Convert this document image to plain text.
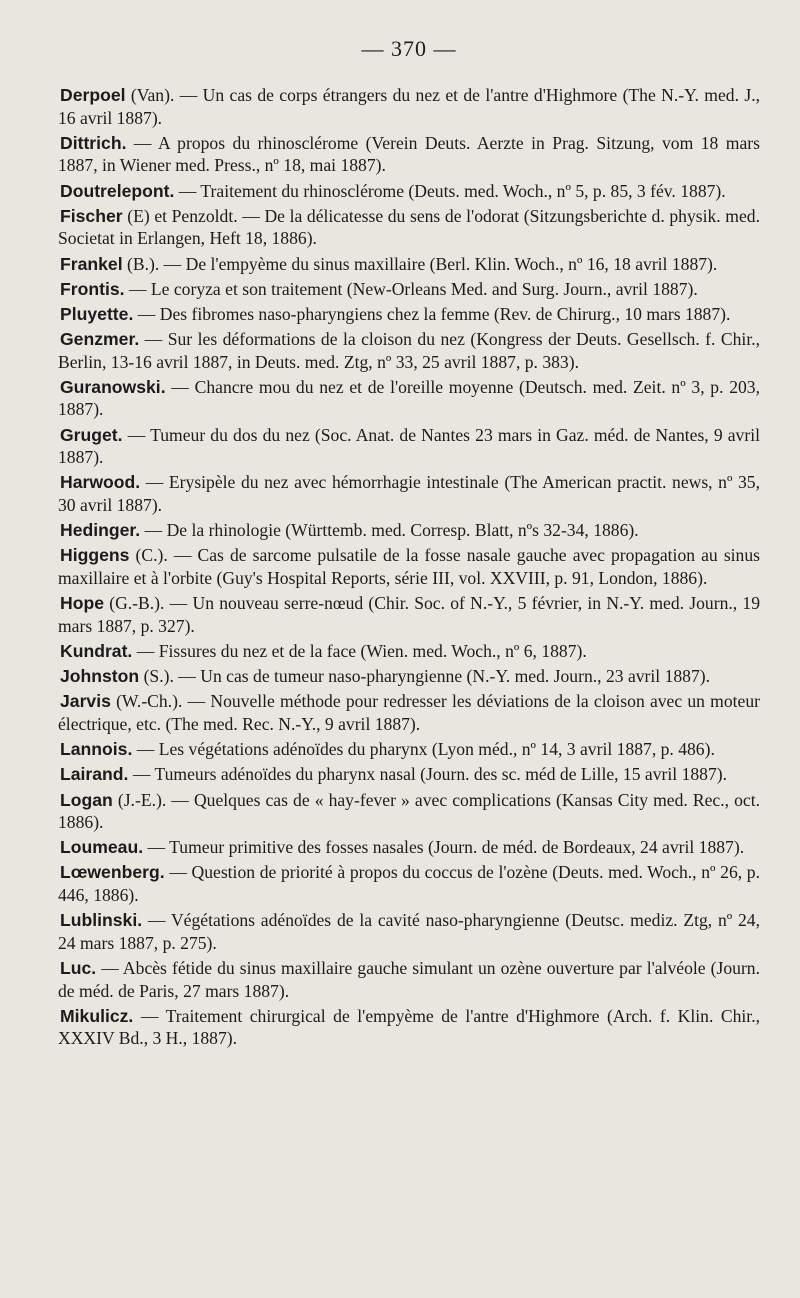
— 370 —
Derpoel (Van). — Un cas de corps étrangers du nez et de l'antre d'Highmore (The N.-Y. med. J., 16 avril 1887).
Dittrich. — A propos du rhinosclérome (Verein Deuts. Aerzte in Prag. Sitzung, vom 18 mars 1887, in Wiener med. Press., nº 18, mai 1887).
Doutrelepont. — Traitement du rhinosclérome (Deuts. med. Woch., nº 5, p. 85, 3 fév. 1887).
Fischer (E) et Penzoldt. — De la délicatesse du sens de l'odorat (Sitzungsberichte d. physik. med. Societat in Erlangen, Heft 18, 1886).
Frankel (B.). — De l'empyème du sinus maxillaire (Berl. Klin. Woch., nº 16, 18 avril 1887).
Frontis. — Le coryza et son traitement (New-Orleans Med. and Surg. Journ., avril 1887).
Pluyette. — Des fibromes naso-pharyngiens chez la femme (Rev. de Chirurg., 10 mars 1887).
Genzmer. — Sur les déformations de la cloison du nez (Kongress der Deuts. Gesellsch. f. Chir., Berlin, 13-16 avril 1887, in Deuts. med. Ztg, nº 33, 25 avril 1887, p. 383).
Guranowski. — Chancre mou du nez et de l'oreille moyenne (Deutsch. med. Zeit. nº 3, p. 203, 1887).
Gruget. — Tumeur du dos du nez (Soc. Anat. de Nantes 23 mars in Gaz. méd. de Nantes, 9 avril 1887).
Harwood. — Erysipèle du nez avec hémorrhagie intestinale (The American practit. news, nº 35, 30 avril 1887).
Hedinger. — De la rhinologie (Württemb. med. Corresp. Blatt, nºs 32-34, 1886).
Higgens (C.). — Cas de sarcome pulsatile de la fosse nasale gauche avec propagation au sinus maxillaire et à l'orbite (Guy's Hospital Reports, série III, vol. XXVIII, p. 91, London, 1886).
Hope (G.-B.). — Un nouveau serre-nœud (Chir. Soc. of N.-Y., 5 février, in N.-Y. med. Journ., 19 mars 1887, p. 327).
Kundrat. — Fissures du nez et de la face (Wien. med. Woch., nº 6, 1887).
Johnston (S.). — Un cas de tumeur naso-pharyngienne (N.-Y. med. Journ., 23 avril 1887).
Jarvis (W.-Ch.). — Nouvelle méthode pour redresser les déviations de la cloison avec un moteur électrique, etc. (The med. Rec. N.-Y., 9 avril 1887).
Lannois. — Les végétations adénoïdes du pharynx (Lyon méd., nº 14, 3 avril 1887, p. 486).
Lairand. — Tumeurs adénoïdes du pharynx nasal (Journ. des sc. méd de Lille, 15 avril 1887).
Logan (J.-E.). — Quelques cas de « hay-fever » avec complications (Kansas City med. Rec., oct. 1886).
Loumeau. — Tumeur primitive des fosses nasales (Journ. de méd. de Bordeaux, 24 avril 1887).
Lœwenberg. — Question de priorité à propos du coccus de l'ozène (Deuts. med. Woch., nº 26, p. 446, 1886).
Lublinski. — Végétations adénoïdes de la cavité naso-pharyngienne (Deutsc. mediz. Ztg, nº 24, 24 mars 1887, p. 275).
Luc. — Abcès fétide du sinus maxillaire gauche simulant un ozène ouverture par l'alvéole (Journ. de méd. de Paris, 27 mars 1887).
Mikulicz. — Traitement chirurgical de l'empyème de l'antre d'Highmore (Arch. f. Klin. Chir., XXXIV Bd., 3 H., 1887).
